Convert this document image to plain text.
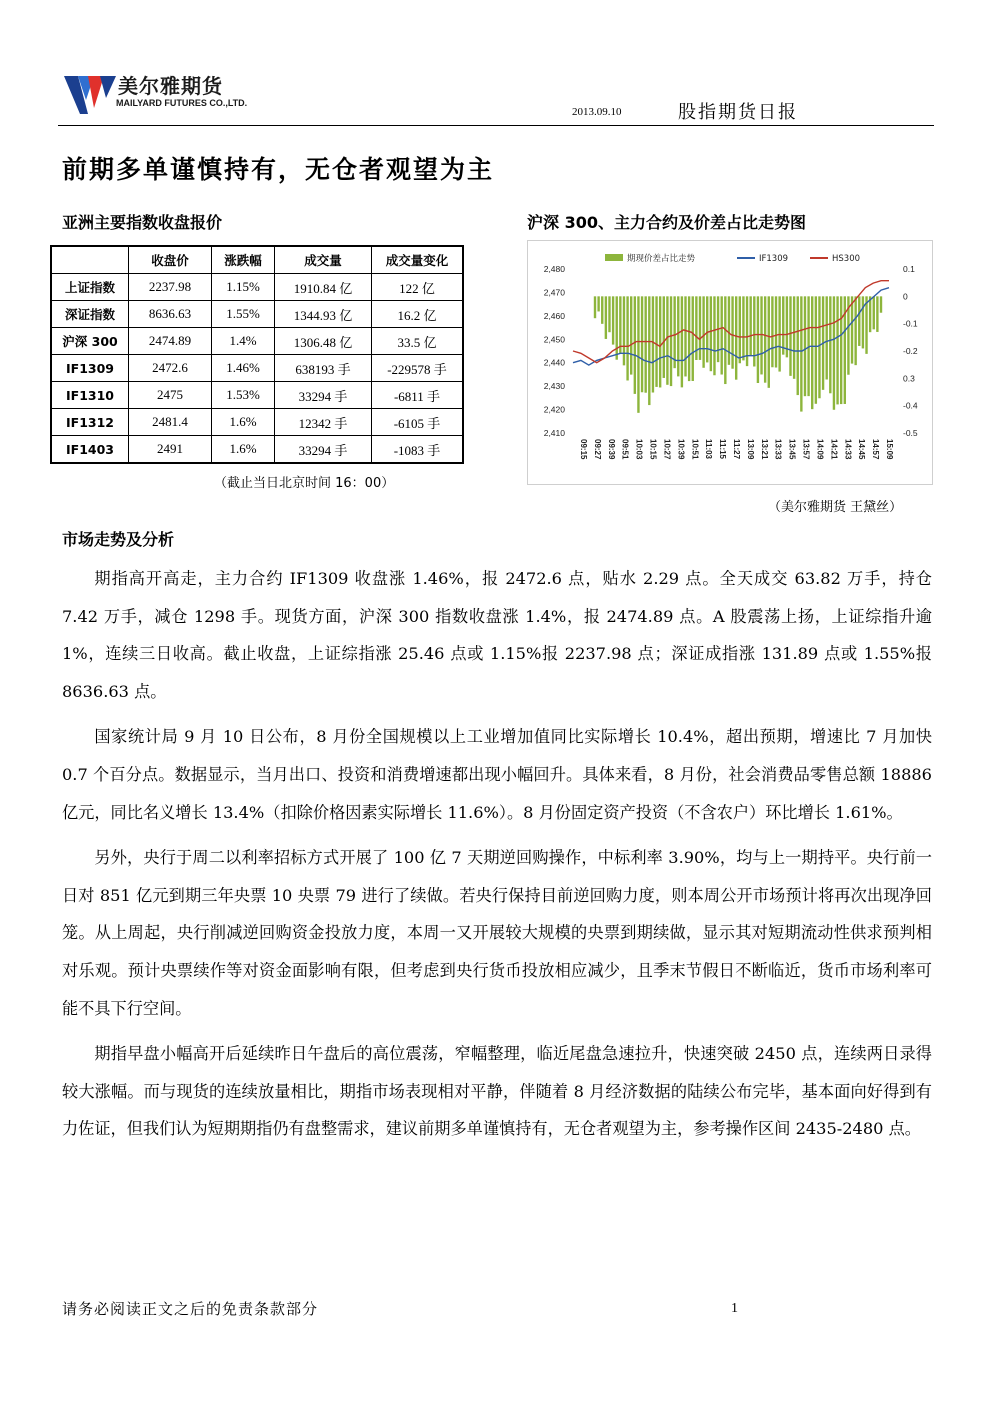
美尔雅期货
MAILYARD FUTURES CO.,LTD.
2013.09.10	股指期货日报
前期多单谨慎持有，无仓者观望为主
亚洲主要指数收盘报价
	收盘价	涨跌幅	成交量	成交量变化
上证指数	2237.98	1.15%	1910.84 亿	122 亿
深证指数	8636.63	1.55%	1344.93 亿	16.2 亿
沪深 300	2474.89	1.4%	1306.48 亿	33.5 亿
IF1309	2472.6	1.46%	638193 手	-229578 手
IF1310	2475	1.53%	33294 手	-6811 手
IF1312	2481.4	1.6%	12342 手	-6105 手
IF1403	2491	1.6%	33294 手	-1083 手
（截止当日北京时间 16：00）
沪深 300、主力合约及价差占比走势图
2,480
2,470
2,460
2,450
2,440
2,430
2,420
2,410
0.1
0
-0.1
-0.2
0.3
-0.4
-0.5
09:15 09:27 09:39 09:51 10:03 10:15 10:27 10:39 10:51 11:03 11:15 11:27 13:09 13:21 13:33 13:45 13:57 14:09 14:21 14:33 14:45 14:57 15:09
期现价差占比走势	IF1309	HS300
（美尔雅期货 王黛丝）
市场走势及分析

期指高开高走，主力合约 IF1309 收盘涨 1.46%，报 2472.6 点，贴水 2.29 点。全天成交 63.82 万手，持仓 7.42 万手，减仓 1298 手。现货方面，沪深 300 指数收盘涨 1.4%，报 2474.89 点。A 股震荡上扬，上证综指升逾 1%，连续三日收高。截止收盘，上证综指涨 25.46 点或 1.15%报 2237.98 点；深证成指涨 131.89 点或 1.55%报 8636.63 点。

国家统计局 9 月 10 日公布，8 月份全国规模以上工业增加值同比实际增长 10.4%，超出预期，增速比 7 月加快 0.7 个百分点。数据显示，当月出口、投资和消费增速都出现小幅回升。具体来看，8 月份，社会消费品零售总额 18886 亿元，同比名义增长 13.4%（扣除价格因素实际增长 11.6%）。8 月份固定资产投资（不含农户）环比增长 1.61%。

另外，央行于周二以利率招标方式开展了 100 亿 7 天期逆回购操作，中标利率 3.90%，均与上一期持平。央行前一日对 851 亿元到期三年央票 10 央票 79 进行了续做。若央行保持目前逆回购力度，则本周公开市场预计将再次出现净回笼。从上周起，央行削减逆回购资金投放力度，本周一又开展较大规模的央票到期续做，显示其对短期流动性供求预判相对乐观。预计央票续作等对资金面影响有限，但考虑到央行货币投放相应减少，且季末节假日不断临近，货币市场利率可能不具下行空间。

期指早盘小幅高开后延续昨日午盘后的高位震荡，窄幅整理，临近尾盘急速拉升，快速突破 2450 点，连续两日录得较大涨幅。而与现货的连续放量相比，期指市场表现相对平静，伴随着 8 月经济数据的陆续公布完毕，基本面向好得到有力佐证，但我们认为短期期指仍有盘整需求，建议前期多单谨慎持有，无仓者观望为主，参考操作区间 2435-2480 点。

请务必阅读正文之后的免责条款部分	1
